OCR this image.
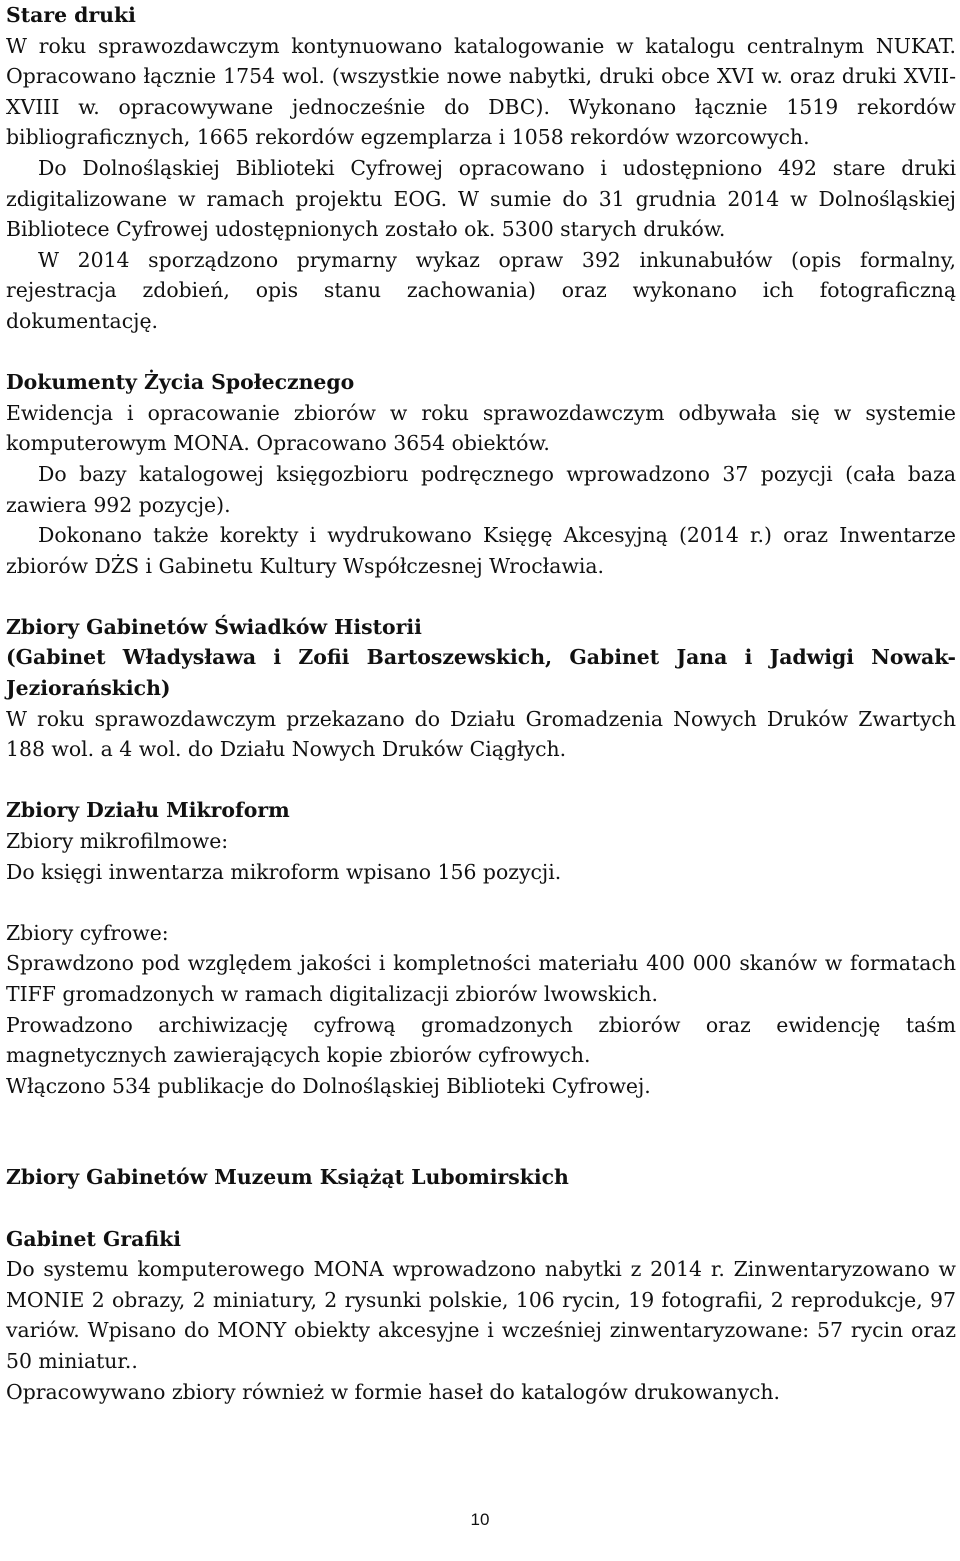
Stare druki

W roku sprawozdawczym kontynuowano katalogowanie w katalogu centralnym NUKAT. Opracowano łącznie 1754 wol. (wszystkie nowe nabytki, druki obce XVI w. oraz druki XVII-XVIII w. opracowywane jednocześnie do DBC). Wykonano łącznie 1519 rekordów bibliograficznych, 1665 rekordów egzemplarza i 1058 rekordów wzorcowych.

Do Dolnośląskiej Biblioteki Cyfrowej opracowano i udostępniono 492 stare druki zdigitalizowane w ramach projektu EOG. W sumie do 31 grudnia 2014 w Dolnośląskiej Bibliotece Cyfrowej udostępnionych zostało ok. 5300 starych druków.

W 2014 sporządzono prymarny wykaz opraw 392 inkunabułów (opis formalny, rejestracja zdobień, opis stanu zachowania) oraz wykonano ich fotograficzną dokumentację.

Dokumenty Życia Społecznego

Ewidencja i opracowanie zbiorów w roku sprawozdawczym odbywała się w systemie komputerowym MONA. Opracowano 3654 obiektów.

Do bazy katalogowej księgozbioru podręcznego wprowadzono 37 pozycji (cała baza zawiera 992 pozycje).

Dokonano także korekty i wydrukowano Księgę Akcesyjną (2014 r.) oraz Inwentarze zbiorów DŻS i Gabinetu Kultury Współczesnej Wrocławia.

Zbiory Gabinetów Świadków Historii
(Gabinet Władysława i Zofii Bartoszewskich, Gabinet Jana i Jadwigi Nowak-Jeziorańskich)

W roku sprawozdawczym przekazano do Działu Gromadzenia Nowych Druków Zwartych 188 wol. a 4 wol. do Działu Nowych Druków Ciągłych.

Zbiory Działu Mikroform

Zbiory mikrofilmowe:

Do księgi inwentarza mikroform wpisano 156 pozycji.

Zbiory cyfrowe:

Sprawdzono pod względem jakości i kompletności materiału 400 000 skanów w formatach TIFF gromadzonych w ramach digitalizacji zbiorów lwowskich.

Prowadzono archiwizację cyfrową gromadzonych zbiorów oraz ewidencję taśm magnetycznych zawierających kopie zbiorów cyfrowych.

Włączono 534 publikacje do Dolnośląskiej Biblioteki Cyfrowej.

Zbiory Gabinetów Muzeum Książąt Lubomirskich
Gabinet Grafiki

Do systemu komputerowego MONA wprowadzono nabytki z 2014 r. Zinwentaryzowano w MONIE 2 obrazy, 2 miniatury, 2 rysunki polskie, 106 rycin, 19 fotografii, 2 reprodukcje, 97 variów. Wpisano do MONY obiekty akcesyjne i wcześniej zinwentaryzowane: 57 rycin oraz 50 miniatur..

Opracowywano zbiory również w formie haseł do katalogów drukowanych.

10
